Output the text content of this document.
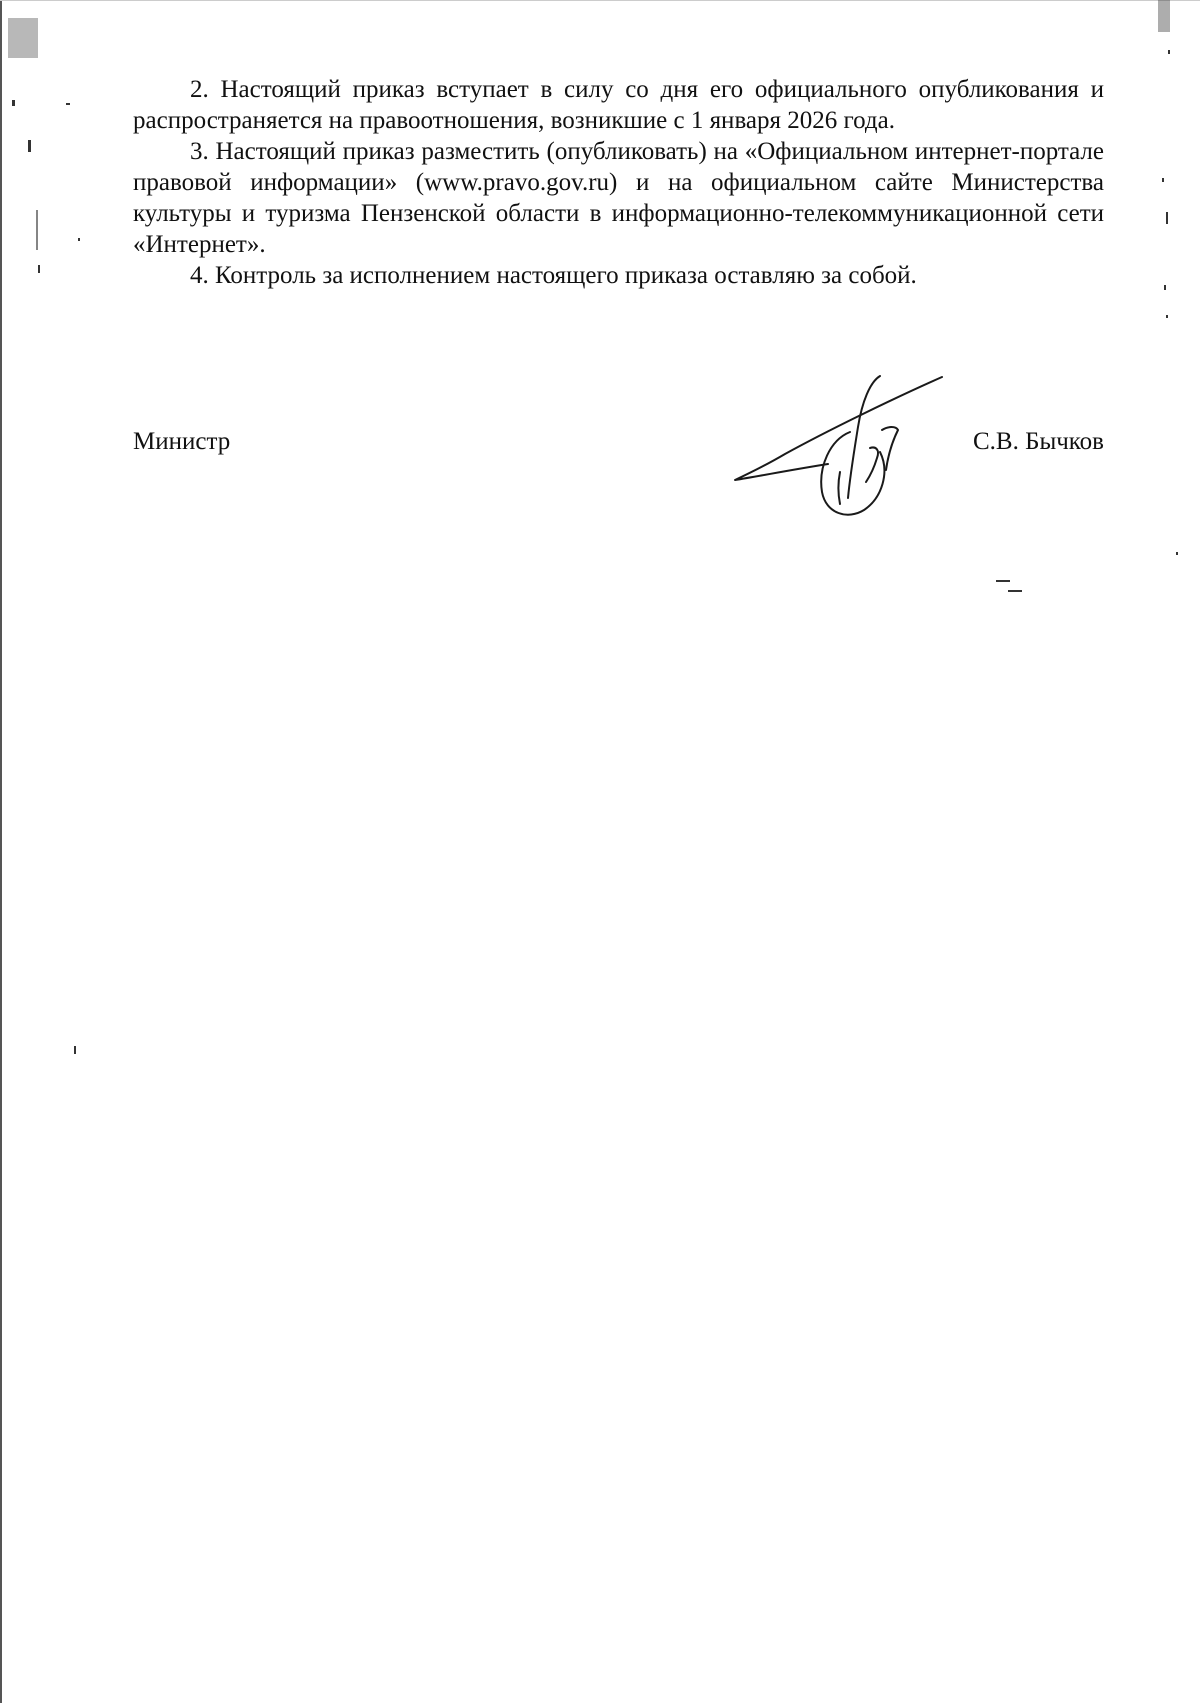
2. Настоящий приказ вступает в силу со дня его официального опубликования и распространяется на правоотношения, возникшие с 1 января 2026 года.

3. Настоящий приказ разместить (опубликовать) на «Официальном интернет-портале правовой информации» (www.pravo.gov.ru) и на официальном сайте Министерства культуры и туризма Пензенской области в информационно-телекоммуникационной сети «Интернет».

4. Контроль за исполнением настоящего приказа оставляю за собой.

Министр	С.В. Бычков
